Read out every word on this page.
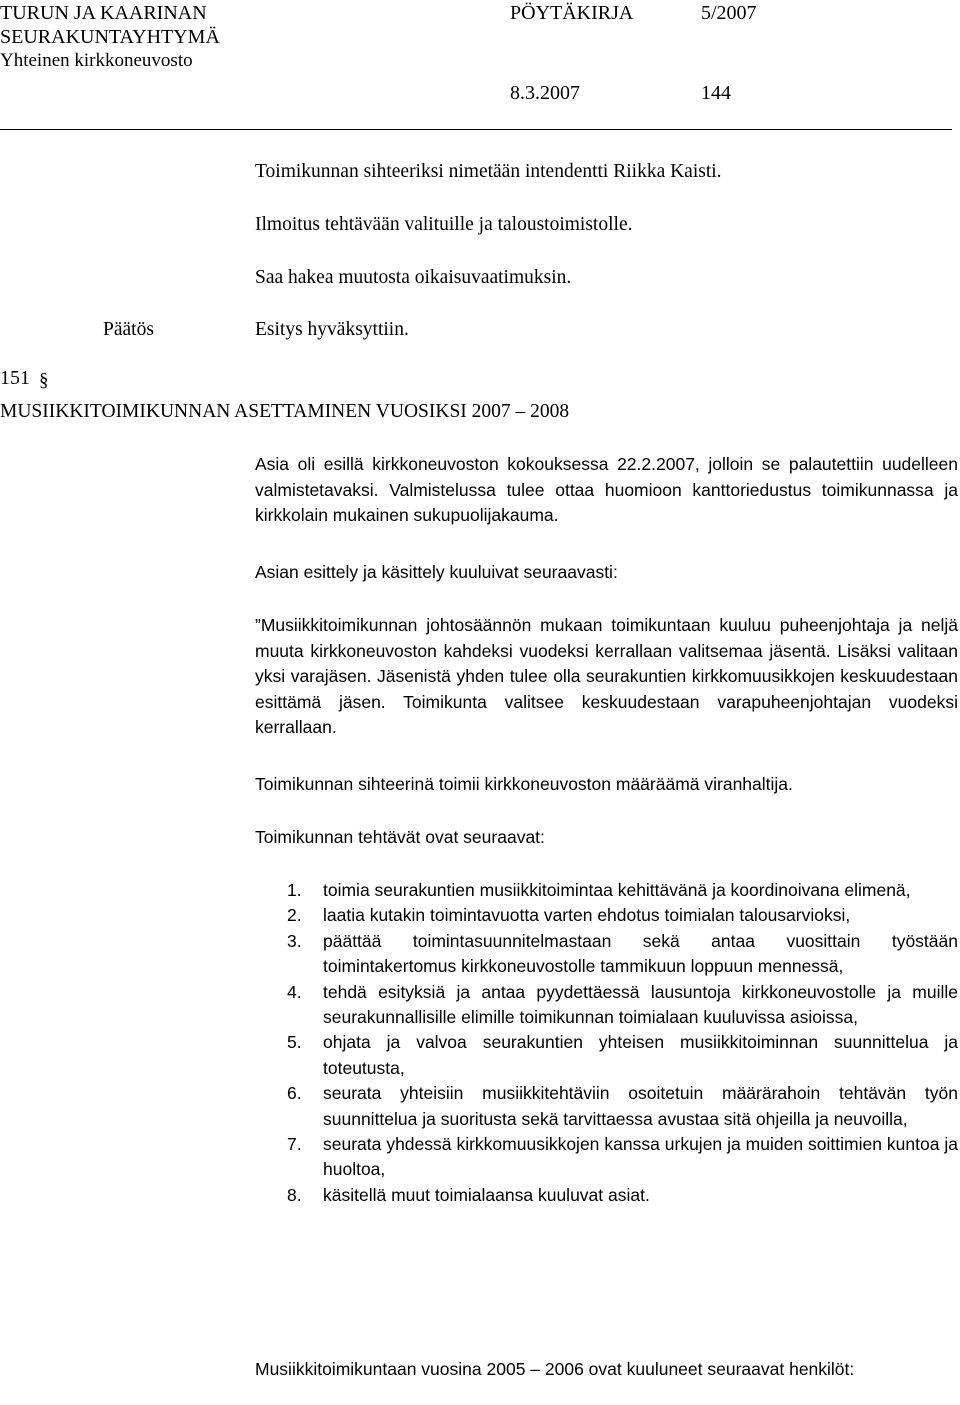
TURUN JA KAARINAN
SEURAKUNTAYHTYMÄ
Yhteinen kirkkoneuvosto
PÖYTÄKIRJA	5/2007
8.3.2007	144
Toimikunnan sihteeriksi nimetään intendentti Riikka Kaisti.
Ilmoitus tehtävään valituille ja taloustoimistolle.
Saa hakea muutosta oikaisuvaatimuksin.
Päätös	Esitys hyväksyttiin.
151 §
MUSIIKKITOIMIKUNNAN ASETTAMINEN VUOSIKSI 2007 – 2008
Asia oli esillä kirkkoneuvoston kokouksessa 22.2.2007, jolloin se palautettiin uudelleen valmistetavaksi. Valmistelussa tulee ottaa huomioon kanttoriedustus toimikunnassa ja kirkkolain mukainen sukupuolijakauma.
Asian esittely ja käsittely kuuluivat seuraavasti:
”Musiikkitoimikunnan johtosäännön mukaan toimikuntaan kuuluu puheenjohtaja ja neljä muuta kirkkoneuvoston kahdeksi vuodeksi kerrallaan valitsemaa jäsentä. Lisäksi valitaan yksi varajäsen. Jäsenistä yhden tulee olla seurakuntien kirkkomuusikkojen keskuudestaan esittämä jäsen. Toimikunta valitsee keskuudestaan varapuheenjohtajan vuodeksi kerrallaan.
Toimikunnan sihteerinä toimii kirkkoneuvoston määräämä viranhaltija.
Toimikunnan tehtävät ovat seuraavat:
1. toimia seurakuntien musiikkitoimintaa kehittävänä ja koordinoivana elimenä,
2. laatia kutakin toimintavuotta varten ehdotus toimialan talousarvioksi,
3. päättää toimintasuunnitelmastaan sekä antaa vuosittain työstään toimintakertomus kirkkoneuvostolle tammikuun loppuun mennessä,
4. tehdä esityksiä ja antaa pyydettäessä lausuntoja kirkkoneuvostolle ja muille seurakunnallisille elimille toimikunnan toimialaan kuuluvissa asioissa,
5. ohjata ja valvoa seurakuntien yhteisen musiikkitoiminnan suunnittelua ja toteutusta,
6. seurata yhteisiin musiikkitehtäviin osoitetuin määrärahoin tehtävän työn suunnittelua ja suoritusta sekä tarvittaessa avustaa sitä ohjeilla ja neuvoilla,
7. seurata yhdessä kirkkomuusikkojen kanssa urkujen ja muiden soittimien kuntoa ja huoltoa,
8. käsitellä muut toimialaansa kuuluvat asiat.
Musiikkitoimikuntaan vuosina 2005 – 2006 ovat kuuluneet seuraavat henkilöt:
